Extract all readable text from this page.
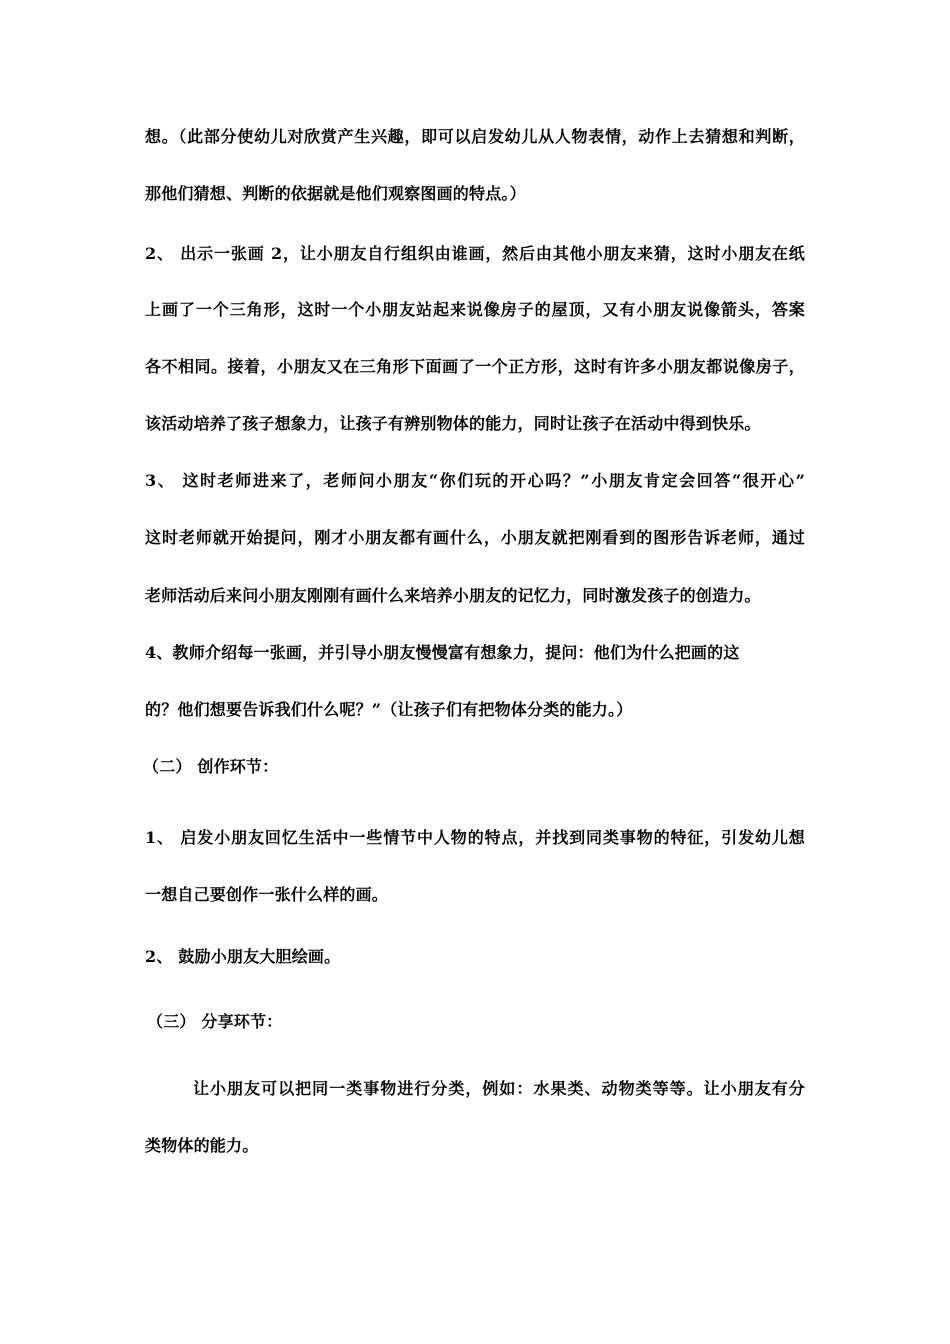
想。（此部分使幼儿对欣赏产生兴趣，即可以启发幼儿从人物表情，动作上去猜想和判断，
那他们猜想、判断的依据就是他们观察图画的特点。）
2、 出示一张画 2，让小朋友自行组织由谁画，然后由其他小朋友来猜，这时小朋友在纸
上画了一个三角形，这时一个小朋友站起来说像房子的屋顶，又有小朋友说像箭头，答案
各不相同。接着，小朋友又在三角形下面画了一个正方形，这时有许多小朋友都说像房子，
该活动培养了孩子想象力，让孩子有辨别物体的能力，同时让孩子在活动中得到快乐。
3、 这时老师进来了，老师问小朋友“你们玩的开心吗？”小朋友肯定会回答“很开心”
这时老师就开始提问，刚才小朋友都有画什么，小朋友就把刚看到的图形告诉老师，通过
老师活动后来问小朋友刚刚有画什么来培养小朋友的记忆力，同时激发孩子的创造力。
4、教师介绍每一张画，并引导小朋友慢慢富有想象力，提问：他们为什么把画的这
的？他们想要告诉我们什么呢？”（让孩子们有把物体分类的能力。）
（二） 创作环节：
1、 启发小朋友回忆生活中一些情节中人物的特点，并找到同类事物的特征，引发幼儿想
一想自己要创作一张什么样的画。
2、 鼓励小朋友大胆绘画。
（三） 分享环节：
让小朋友可以把同一类事物进行分类，例如：水果类、动物类等等。让小朋友有分
类物体的能力。
